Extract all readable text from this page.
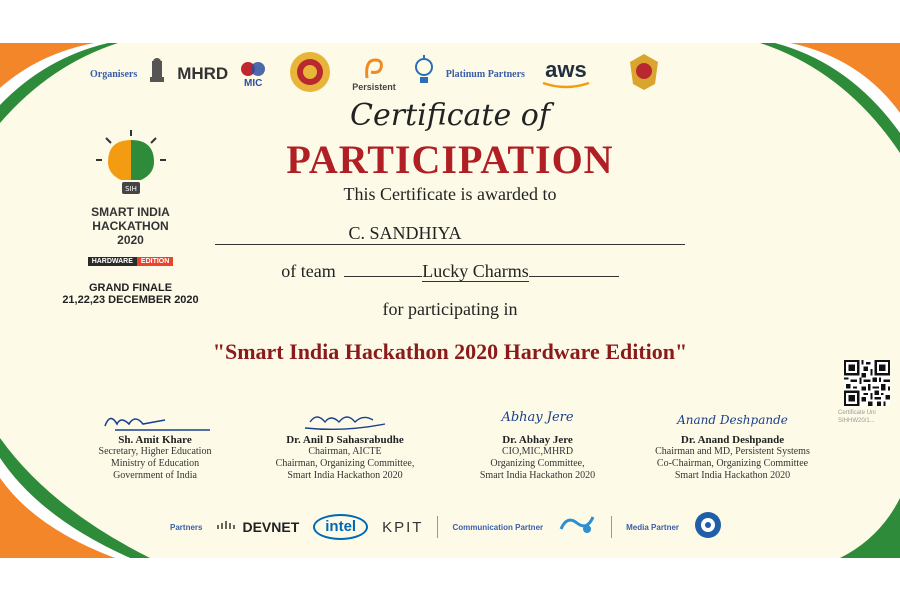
Organisers MHRD MIC	Persistent
Platinum Partners aws
SIH
SMART INDIA
HACKATHON
2020
HARDWARE	EDITION
GRAND FINALE
21,22,23 DECEMBER 2020
Certificate of
PARTICIPATION
This Certificate is awarded to
C. SANDHIYA
of team	Lucky Charms
for participating in
"Smart India Hackathon 2020 Hardware Edition"
Sh. Amit Khare
Secretary, Higher Education
Ministry of Education
Government of India
Dr. Anil D Sahasrabudhe
Chairman, AICTE
Chairman, Organizing Committee,
Smart India Hackathon 2020
Abhay Jere
Dr. Abhay Jere
CIO,MIC,MHRD
Organizing Committee,
Smart India Hackathon 2020
Anand Deshpande
Dr. Anand Deshpande
Chairman and MD, Persistent Systems
Co-Chairman, Organizing Committee
Smart India Hackathon 2020
Certificate Uni
SIHHW20/1...
Partners	DEVNET	intel	KPIT	Communication Partner	Media Partner
